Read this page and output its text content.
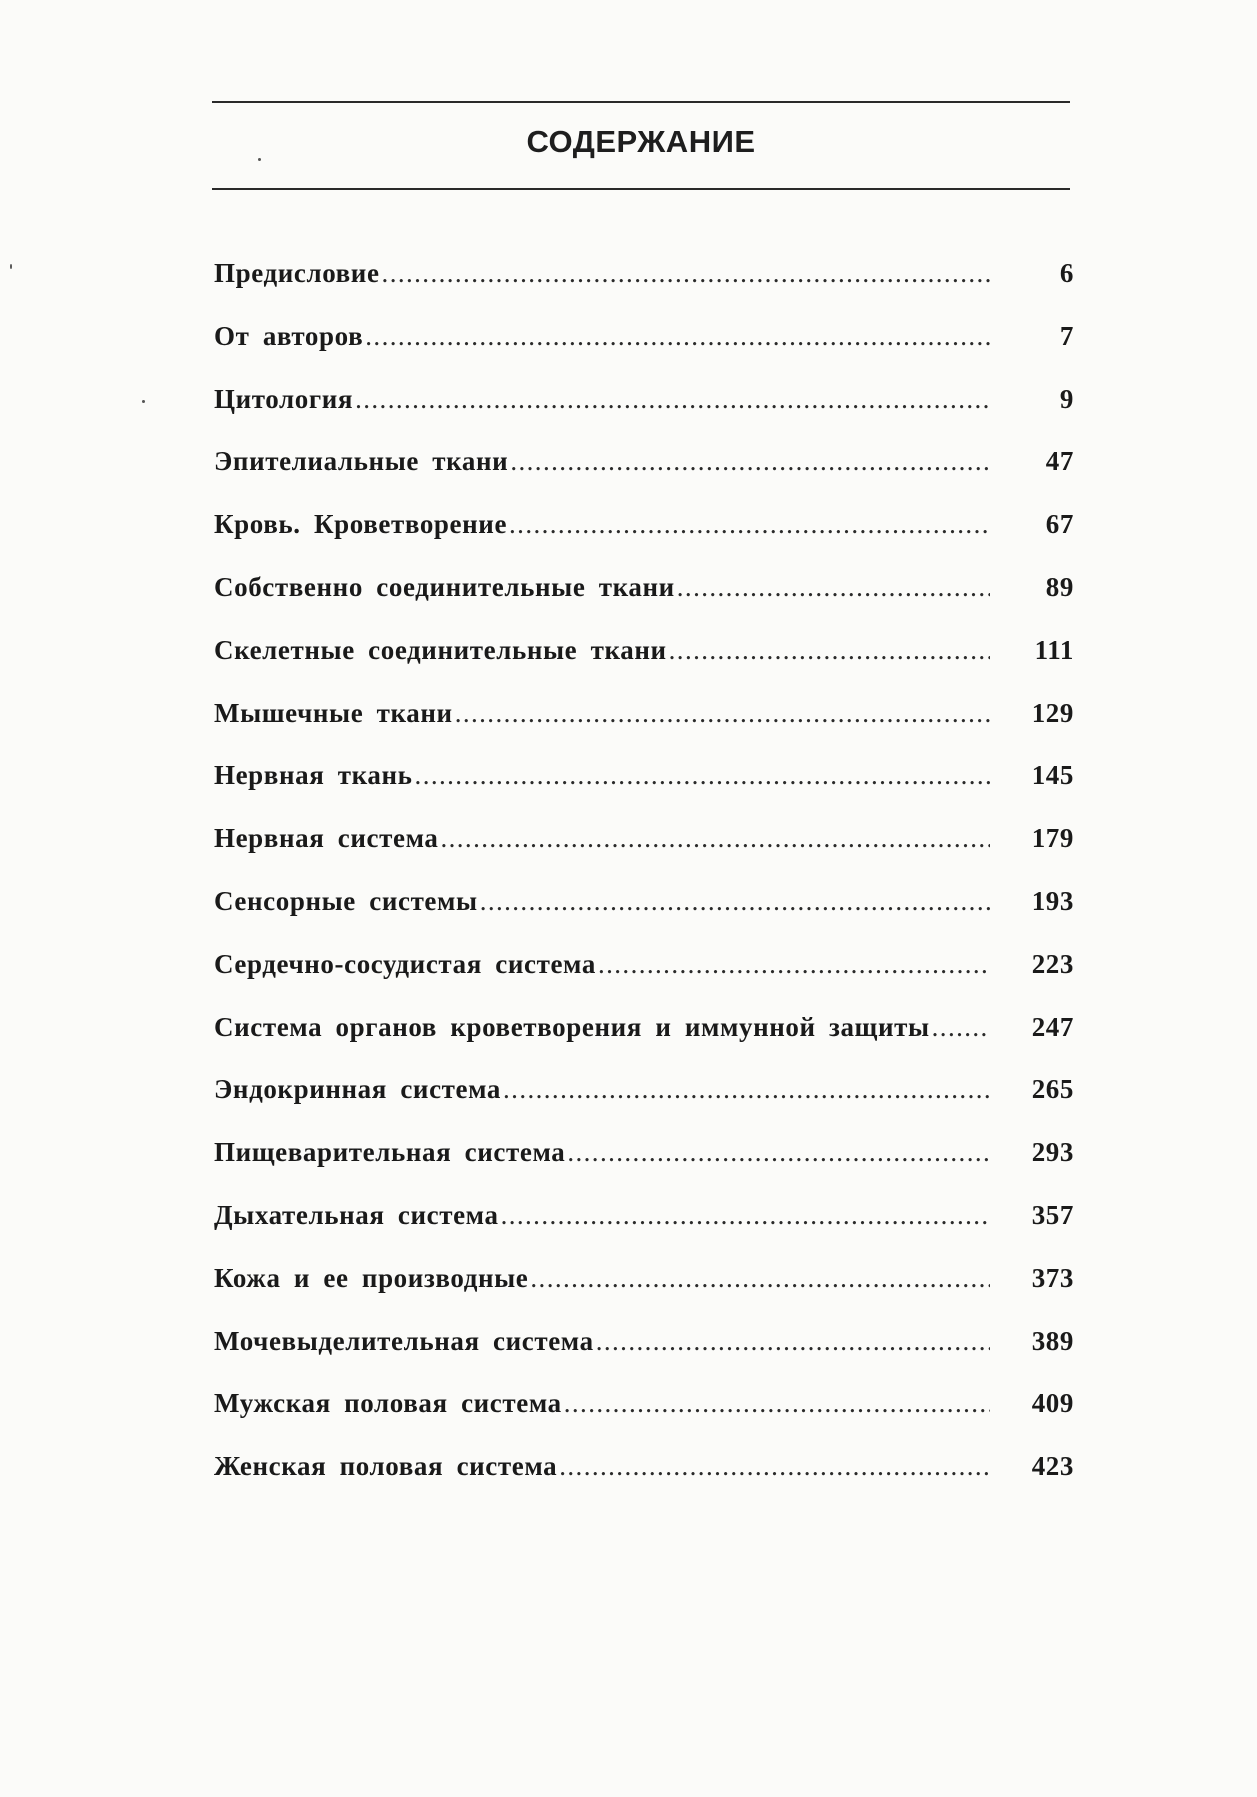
СОДЕРЖАНИЕ
Предисловие .....	6
От авторов .....	7
Цитология .....	9
Эпителиальные ткани .....	47
Кровь. Кроветворение .....	67
Собственно соединительные ткани .....	89
Скелетные соединительные ткани .....	111
Мышечные ткани .....	129
Нервная ткань .....	145
Нервная система .....	179
Сенсорные системы .....	193
Сердечно-сосудистая система .....	223
Система органов кроветворения и иммунной защиты .....	247
Эндокринная система .....	265
Пищеварительная система .....	293
Дыхательная система .....	357
Кожа и ее производные .....	373
Мочевыделительная система .....	389
Мужская половая система .....	409
Женская половая система .....	423
